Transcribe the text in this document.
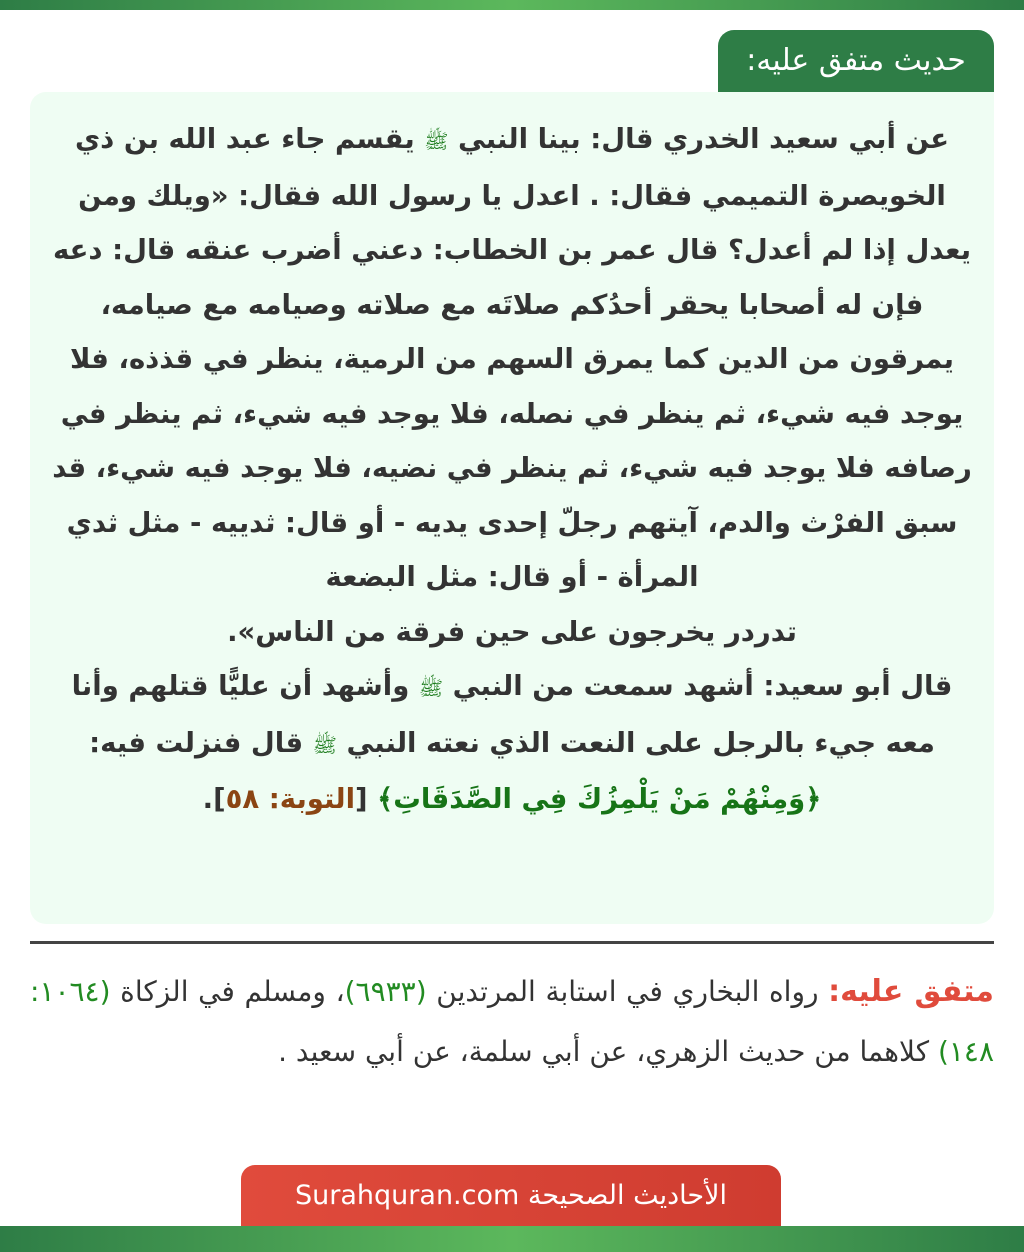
حديث متفق عليه:

عن أبي سعيد الخدري قال: بينا النبي ﷺ يقسم جاء عبد الله بن ذي الخويصرة التميمي فقال: . اعدل يا رسول الله فقال: «ويلك ومن يعدل إذا لم أعدل؟ قال عمر بن الخطاب: دعني أضرب عنقه قال: دعه فإن له أصحابا يحقر أحدُكم صلاتَه مع صلاته وصيامه مع صيامه، يمرقون من الدين كما يمرق السهم من الرمية، ينظر في قذذه، فلا يوجد فيه شيء، ثم ينظر في نصله، فلا يوجد فيه شيء، ثم ينظر في رصافه فلا يوجد فيه شيء، ثم ينظر في نضيه، فلا يوجد فيه شيء، قد سبق الفرْث والدم، آيتهم رجلّ إحدى يديه - أو قال: ثدييه - مثل ثدي المرأة - أو قال: مثل البضعة

تدردر يخرجون على حين فرقة من الناس».

قال أبو سعيد: أشهد سمعت من النبي ﷺ وأشهد أن عليًّا قتلهم وأنا معه جيء بالرجل على النعت الذي نعته النبي ﷺ قال فنزلت فيه: ﴿وَمِنْهُمْ مَنْ يَلْمِزُكَ فِي الصَّدَقَاتِ﴾ [التوبة: ٥٨].

متفق عليه: رواه البخاري في استابة المرتدين (٦٩٣٣)، ومسلم في الزكاة (١٠٦٤: ١٤٨) كلاهما من حديث الزهري، عن أبي سلمة، عن أبي سعيد .
الأحاديث الصحيحة Surahquran.com
